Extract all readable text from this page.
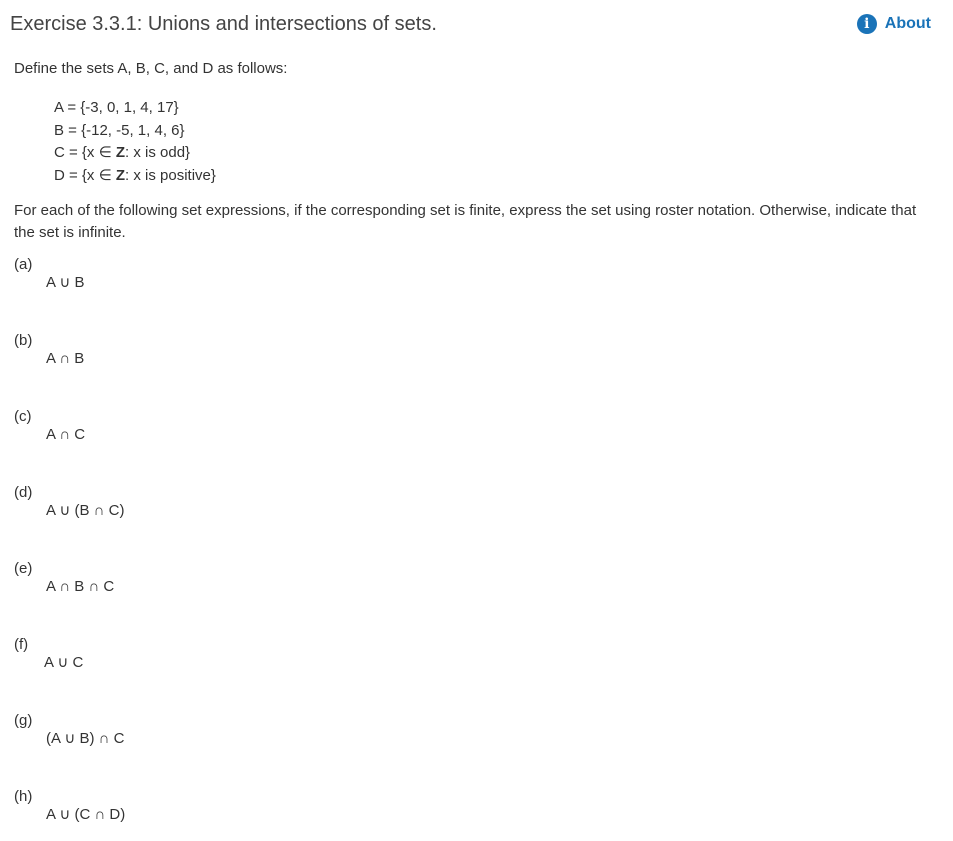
Exercise 3.3.1: Unions and intersections of sets.	i About
Define the sets A, B, C, and D as follows:
A = {-3, 0, 1, 4, 17}
B = {-12, -5, 1, 4, 6}
C = {x ∈ Z: x is odd}
D = {x ∈ Z: x is positive}
For each of the following set expressions, if the corresponding set is finite, express the set using roster notation. Otherwise, indicate that the set is infinite.
(a)
A ∪ B
(b)
A ∩ B
(c)
A ∩ C
(d)
A ∪ (B ∩ C)
(e)
A ∩ B ∩ C
(f)
A ∪ C
(g)
(A ∪ B) ∩ C
(h)
A ∪ (C ∩ D)
